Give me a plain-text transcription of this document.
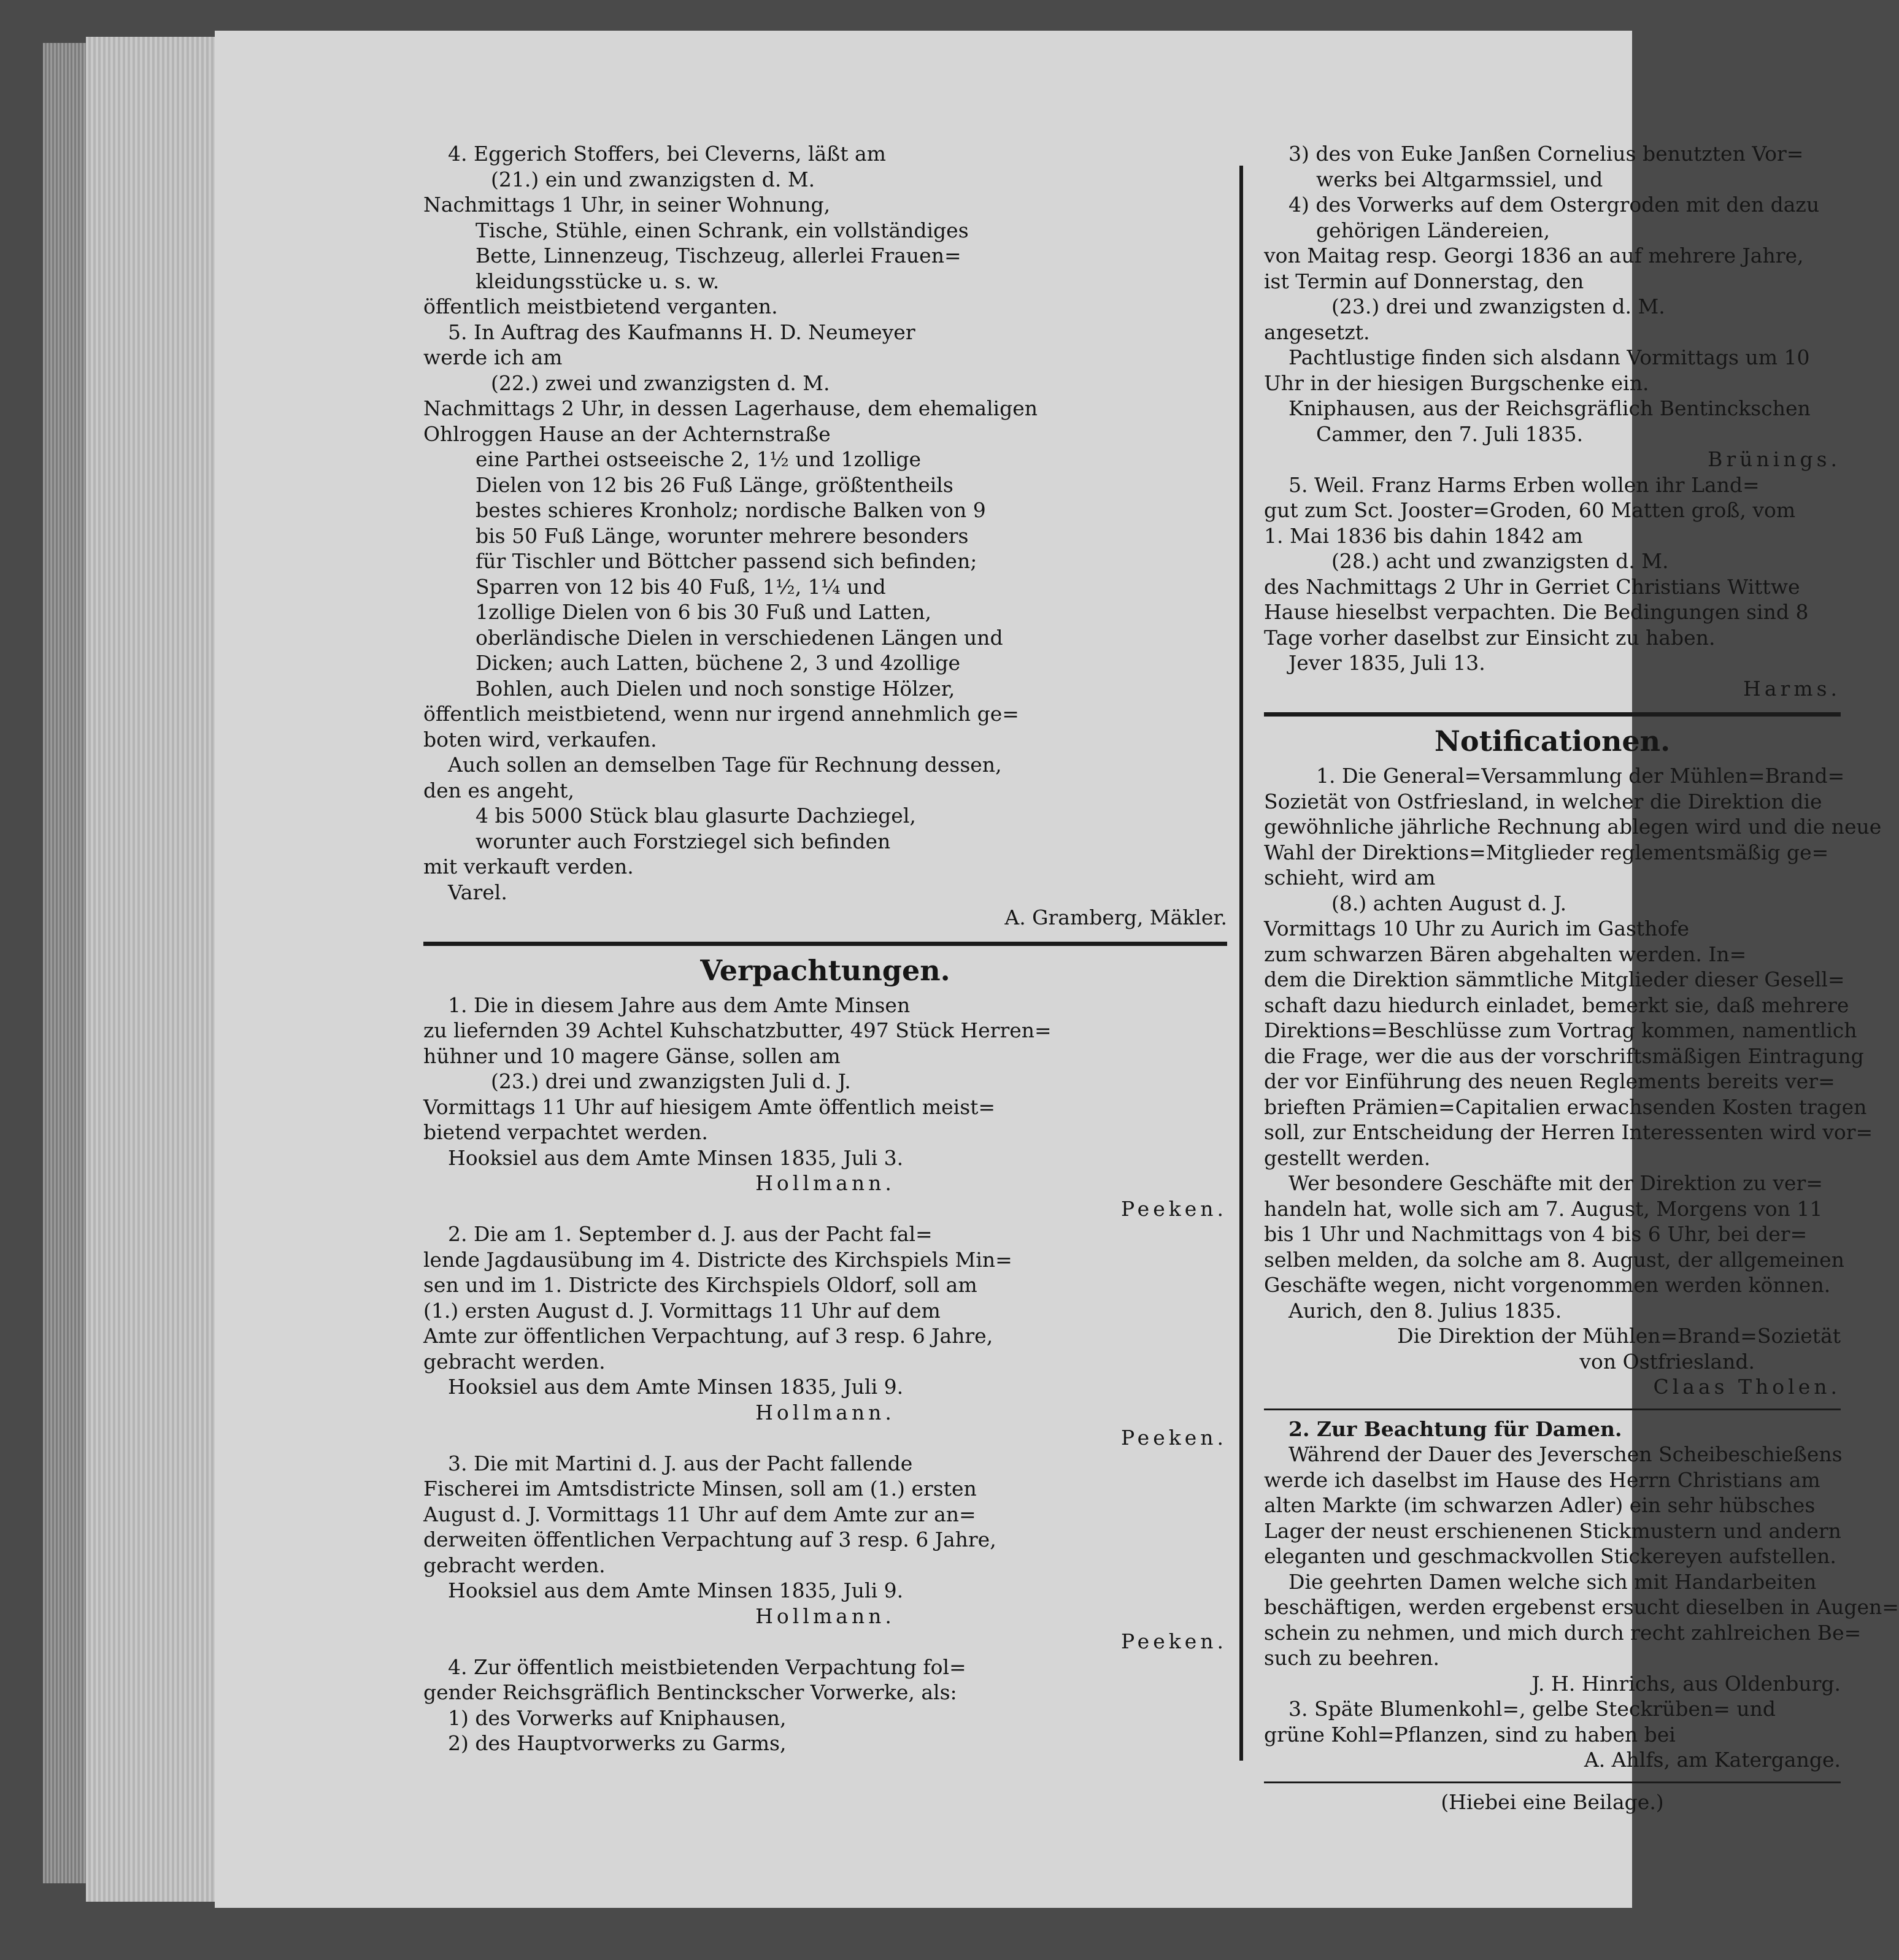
4. Eggerich Stoffers, bei Cleverns, läßt am

(21.) ein und zwanzigsten d. M.

Nachmittags 1 Uhr, in seiner Wohnung,

Tische, Stühle, einen Schrank, ein vollständiges

Bette, Linnenzeug, Tischzeug, allerlei Frauen=

kleidungsstücke u. s. w.

öffentlich meistbietend verganten.

5. In Auftrag des Kaufmanns H. D. Neumeyer

werde ich am

(22.) zwei und zwanzigsten d. M.

Nachmittags 2 Uhr, in dessen Lagerhause, dem ehemaligen

Ohlroggen Hause an der Achternstraße

eine Parthei ostseeische 2, 1½ und 1zollige

Dielen von 12 bis 26 Fuß Länge, größtentheils

bestes schieres Kronholz; nordische Balken von 9

bis 50 Fuß Länge, worunter mehrere besonders

für Tischler und Böttcher passend sich befinden;

Sparren von 12 bis 40 Fuß, 1½, 1¼ und

1zollige Dielen von 6 bis 30 Fuß und Latten,

oberländische Dielen in verschiedenen Längen und

Dicken; auch Latten, büchene 2, 3 und 4zollige

Bohlen, auch Dielen und noch sonstige Hölzer,

öffentlich meistbietend, wenn nur irgend annehmlich ge=

boten wird, verkaufen.

Auch sollen an demselben Tage für Rechnung dessen,

den es angeht,

4 bis 5000 Stück blau glasurte Dachziegel,

worunter auch Forstziegel sich befinden

mit verkauft verden.

Varel.

A. Gramberg, Mäkler.

Verpachtungen.

1. Die in diesem Jahre aus dem Amte Minsen

zu liefernden 39 Achtel Kuhschatzbutter, 497 Stück Herren=

hühner und 10 magere Gänse, sollen am

(23.) drei und zwanzigsten Juli d. J.

Vormittags 11 Uhr auf hiesigem Amte öffentlich meist=

bietend verpachtet werden.

Hooksiel aus dem Amte Minsen 1835, Juli 3.

Hollmann.

Peeken.

2. Die am 1. September d. J. aus der Pacht fal=

lende Jagdausübung im 4. Districte des Kirchspiels Min=

sen und im 1. Districte des Kirchspiels Oldorf, soll am

(1.) ersten August d. J. Vormittags 11 Uhr auf dem

Amte zur öffentlichen Verpachtung, auf 3 resp. 6 Jahre,

gebracht werden.

Hooksiel aus dem Amte Minsen 1835, Juli 9.

Hollmann.

Peeken.

3. Die mit Martini d. J. aus der Pacht fallende

Fischerei im Amtsdistricte Minsen, soll am (1.) ersten

August d. J. Vormittags 11 Uhr auf dem Amte zur an=

derweiten öffentlichen Verpachtung auf 3 resp. 6 Jahre,

gebracht werden.

Hooksiel aus dem Amte Minsen 1835, Juli 9.

Hollmann.

Peeken.

4. Zur öffentlich meistbietenden Verpachtung fol=

gender Reichsgräflich Bentinckscher Vorwerke, als:

1) des Vorwerks auf Kniphausen,

2) des Hauptvorwerks zu Garms,

3) des von Euke Janßen Cornelius benutzten Vor=

werks bei Altgarmssiel, und

4) des Vorwerks auf dem Ostergroden mit den dazu

gehörigen Ländereien,

von Maitag resp. Georgi 1836 an auf mehrere Jahre,

ist Termin auf Donnerstag, den

(23.) drei und zwanzigsten d. M.

angesetzt.

Pachtlustige finden sich alsdann Vormittags um 10

Uhr in der hiesigen Burgschenke ein.

Kniphausen, aus der Reichsgräflich Bentinckschen

Cammer, den 7. Juli 1835.

Brünings.

5. Weil. Franz Harms Erben wollen ihr Land=

gut zum Sct. Jooster=Groden, 60 Matten groß, vom

1. Mai 1836 bis dahin 1842 am

(28.) acht und zwanzigsten d. M.

des Nachmittags 2 Uhr in Gerriet Christians Wittwe

Hause hieselbst verpachten. Die Bedingungen sind 8

Tage vorher daselbst zur Einsicht zu haben.

Jever 1835, Juli 13.

Harms.

Notificationen.

1. Die General=Versammlung der Mühlen=Brand=

Sozietät von Ostfriesland, in welcher die Direktion die

gewöhnliche jährliche Rechnung ablegen wird und die neue

Wahl der Direktions=Mitglieder reglementsmäßig ge=

schieht, wird am

(8.) achten August d. J.

Vormittags 10 Uhr zu Aurich im Gasthofe

zum schwarzen Bären abgehalten werden. In=

dem die Direktion sämmtliche Mitglieder dieser Gesell=

schaft dazu hiedurch einladet, bemerkt sie, daß mehrere

Direktions=Beschlüsse zum Vortrag kommen, namentlich

die Frage, wer die aus der vorschriftsmäßigen Eintragung

der vor Einführung des neuen Reglements bereits ver=

brieften Prämien=Capitalien erwachsenden Kosten tragen

soll, zur Entscheidung der Herren Interessenten wird vor=

gestellt werden.

Wer besondere Geschäfte mit der Direktion zu ver=

handeln hat, wolle sich am 7. August, Morgens von 11

bis 1 Uhr und Nachmittags von 4 bis 6 Uhr, bei der=

selben melden, da solche am 8. August, der allgemeinen

Geschäfte wegen, nicht vorgenommen werden können.

Aurich, den 8. Julius 1835.

Die Direktion der Mühlen=Brand=Sozietät

von Ostfriesland.

Claas Tholen.

2. Zur Beachtung für Damen.

Während der Dauer des Jeverschen Scheibeschießens

werde ich daselbst im Hause des Herrn Christians am

alten Markte (im schwarzen Adler) ein sehr hübsches

Lager der neust erschienenen Stickmustern und andern

eleganten und geschmackvollen Stickereyen aufstellen.

Die geehrten Damen welche sich mit Handarbeiten

beschäftigen, werden ergebenst ersucht dieselben in Augen=

schein zu nehmen, und mich durch recht zahlreichen Be=

such zu beehren.

J. H. Hinrichs, aus Oldenburg.

3. Späte Blumenkohl=, gelbe Steckrüben= und

grüne Kohl=Pflanzen, sind zu haben bei

A. Ahlfs, am Katergange.

(Hiebei eine Beilage.)
